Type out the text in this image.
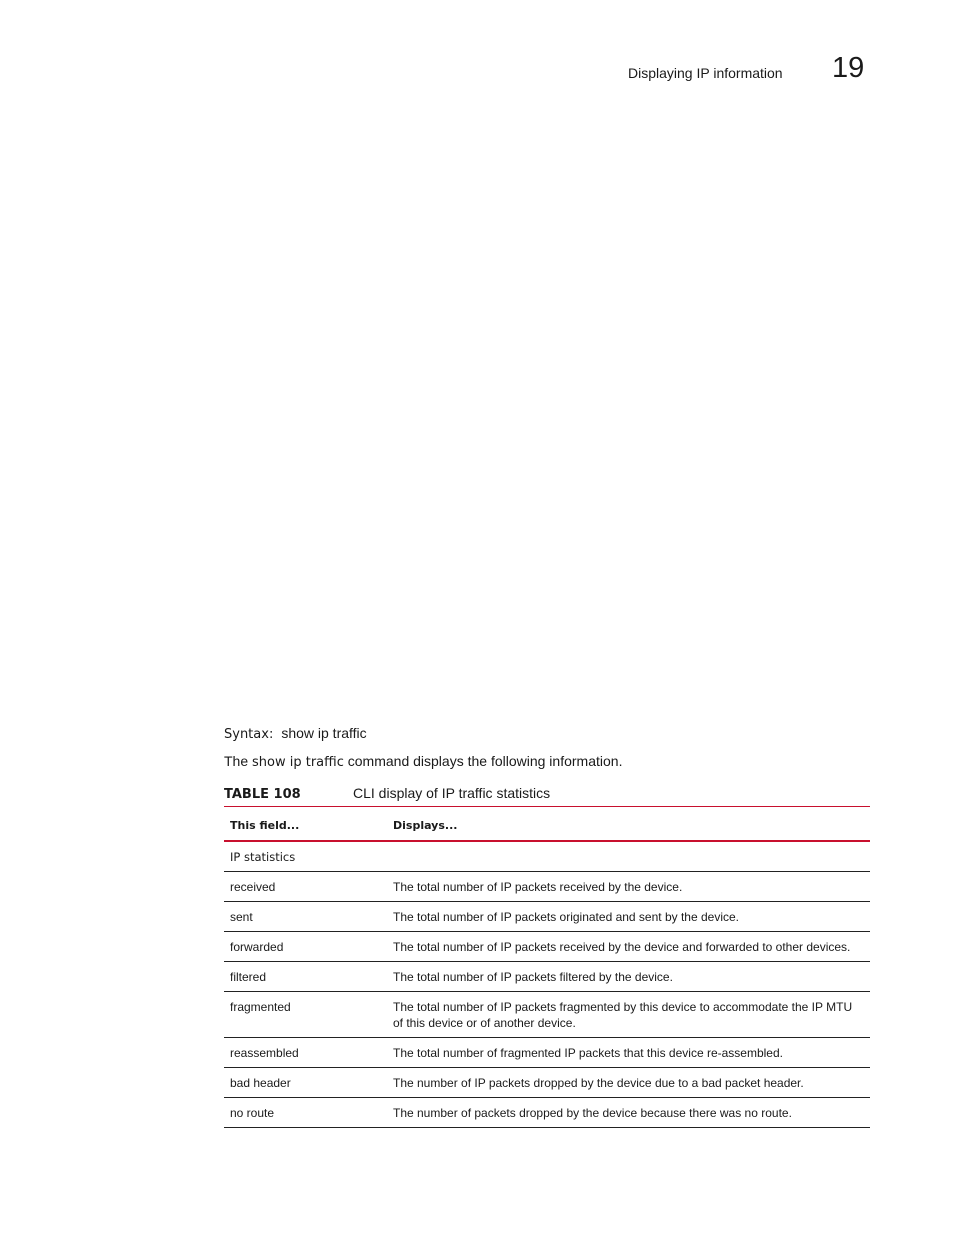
Displaying IP information 19
Syntax: show ip traffic
The show ip traffic command displays the following information.
TABLE 108	CLI display of IP traffic statistics
This field...	Displays...
IP statistics	
received	The total number of IP packets received by the device.
sent	The total number of IP packets originated and sent by the device.
forwarded	The total number of IP packets received by the device and forwarded to other devices.
filtered	The total number of IP packets filtered by the device.
fragmented	The total number of IP packets fragmented by this device to accommodate the IP MTU of this device or of another device.
reassembled	The total number of fragmented IP packets that this device re-assembled.
bad header	The number of IP packets dropped by the device due to a bad packet header.
no route	The number of packets dropped by the device because there was no route.
